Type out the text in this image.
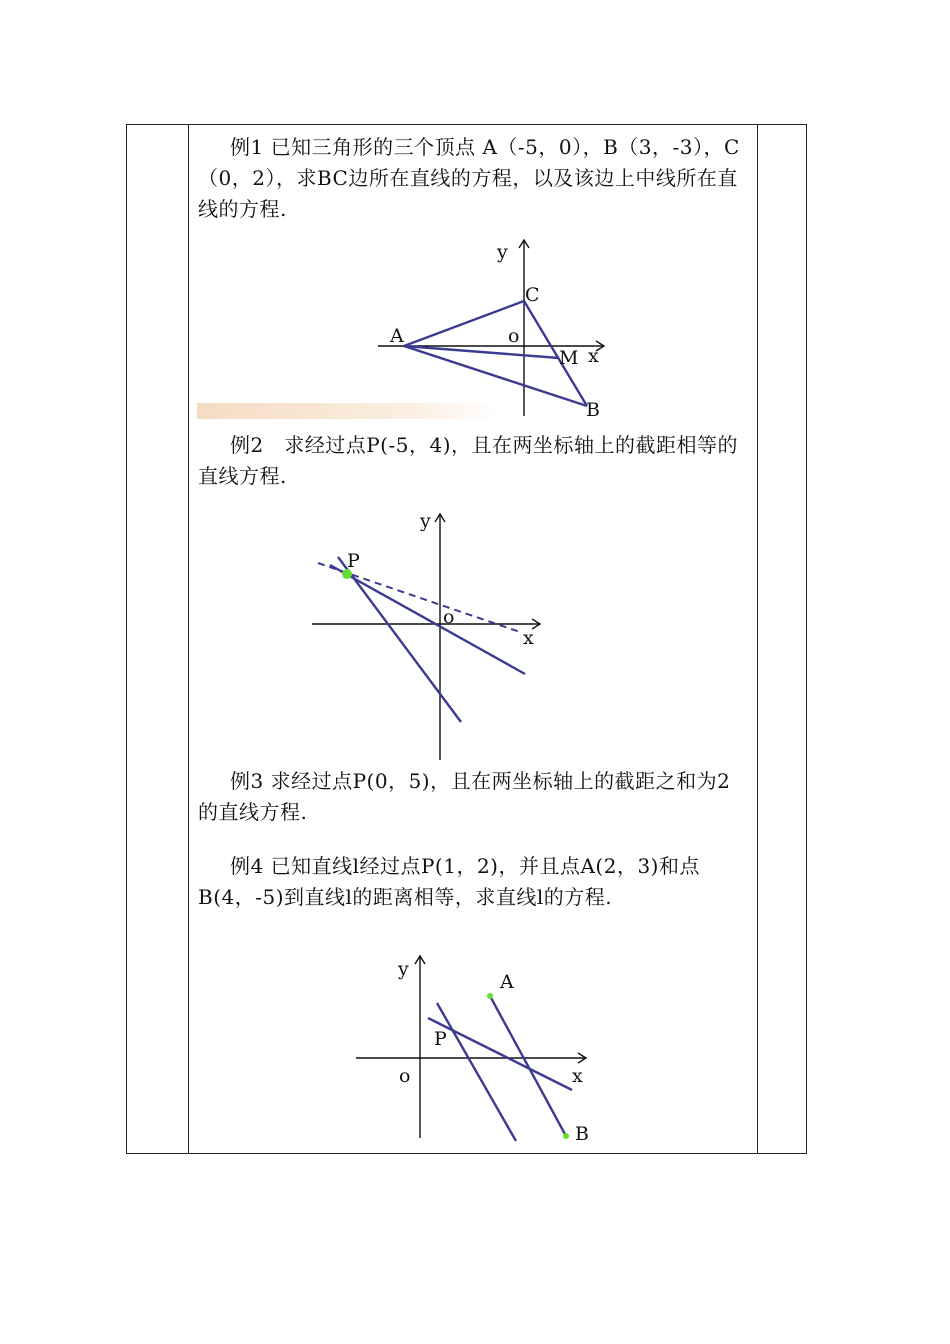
例1 已知三角形的三个顶点 A（-5，0），B（3，-3），C（0，2），求BC边所在直线的方程，以及该边上中线所在直线的方程.

y
o
x
A
B
C
M

例2　求经过点P(-5，4)，且在两坐标轴上的截距相等的直线方程.

y
o
x
P

例3 求经过点P(0，5)，且在两坐标轴上的截距之和为2的直线方程.

例4 已知直线l经过点P(1，2)，并且点A(2，3)和点 B(4，-5)到直线l的距离相等，求直线l的方程.

y
o	x
A
P
B
